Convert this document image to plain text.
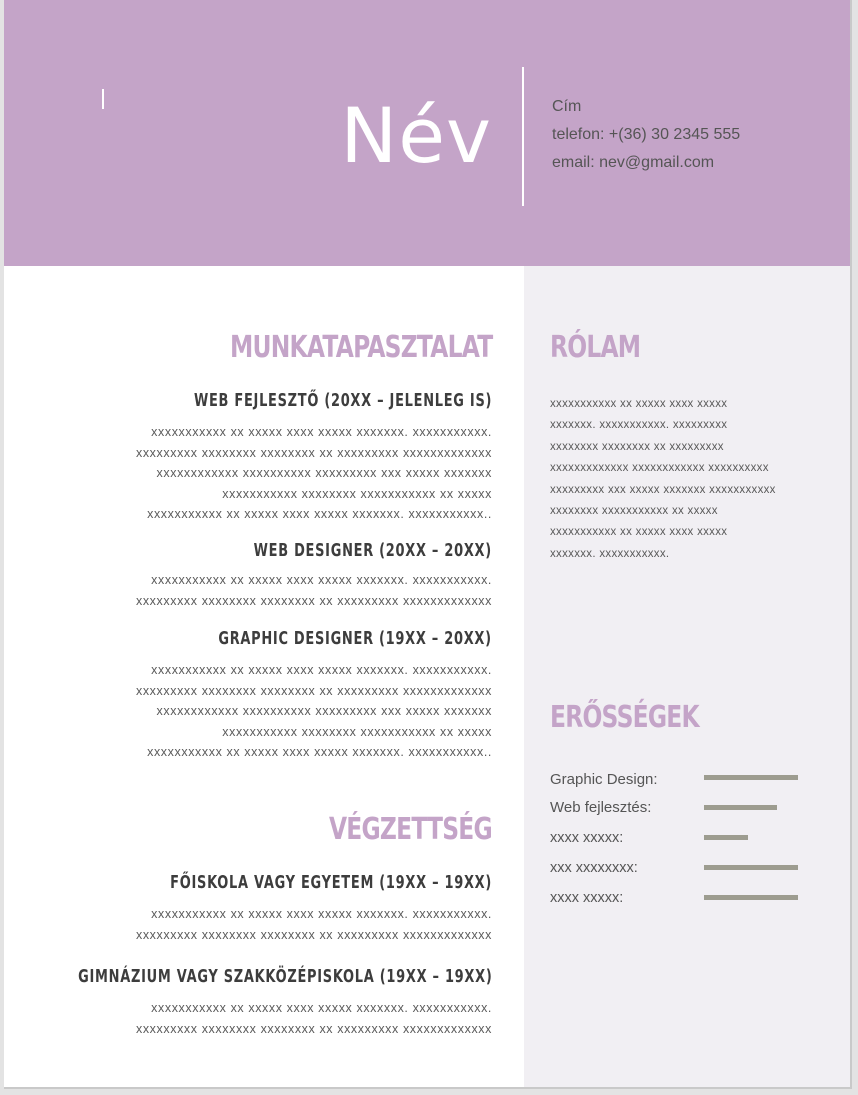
Név	Cím
telefon: +(36) 30 2345 555
email: nev@gmail.com
MUNKATAPASZTALAT
WEB FEJLESZTŐ (20XX – JELENLEG IS)
xxxxxxxxxxx xx xxxxx xxxx xxxxx xxxxxxx. xxxxxxxxxxx.
xxxxxxxxx xxxxxxxx xxxxxxxx xx xxxxxxxxx xxxxxxxxxxxxx
xxxxxxxxxxxx xxxxxxxxxx xxxxxxxxx xxx xxxxx xxxxxxx
xxxxxxxxxxx xxxxxxxx xxxxxxxxxxx xx xxxxx
xxxxxxxxxxx xx xxxxx xxxx xxxxx xxxxxxx. xxxxxxxxxxx..
WEB DESIGNER (20XX – 20XX)
xxxxxxxxxxx xx xxxxx xxxx xxxxx xxxxxxx. xxxxxxxxxxx.
xxxxxxxxx xxxxxxxx xxxxxxxx xx xxxxxxxxx xxxxxxxxxxxxx
GRAPHIC DESIGNER (19XX – 20XX)
xxxxxxxxxxx xx xxxxx xxxx xxxxx xxxxxxx. xxxxxxxxxxx.
xxxxxxxxx xxxxxxxx xxxxxxxx xx xxxxxxxxx xxxxxxxxxxxxx
xxxxxxxxxxxx xxxxxxxxxx xxxxxxxxx xxx xxxxx xxxxxxx
xxxxxxxxxxx xxxxxxxx xxxxxxxxxxx xx xxxxx
xxxxxxxxxxx xx xxxxx xxxx xxxxx xxxxxxx. xxxxxxxxxxx..
VÉGZETTSÉG
FŐISKOLA VAGY EGYETEM (19XX – 19XX)
xxxxxxxxxxx xx xxxxx xxxx xxxxx xxxxxxx. xxxxxxxxxxx.
xxxxxxxxx xxxxxxxx xxxxxxxx xx xxxxxxxxx xxxxxxxxxxxxx
GIMNÁZIUM VAGY SZAKKÖZÉPISKOLA (19XX – 19XX)
xxxxxxxxxxx xx xxxxx xxxx xxxxx xxxxxxx. xxxxxxxxxxx.
xxxxxxxxx xxxxxxxx xxxxxxxx xx xxxxxxxxx xxxxxxxxxxxxx
RÓLAM
xxxxxxxxxxx xx xxxxx xxxx xxxxx
xxxxxxx. xxxxxxxxxxx. xxxxxxxxx
xxxxxxxx xxxxxxxx xx xxxxxxxxx
xxxxxxxxxxxxx xxxxxxxxxxxx xxxxxxxxxx
xxxxxxxxx xxx xxxxx xxxxxxx xxxxxxxxxxx
xxxxxxxx xxxxxxxxxxx xx xxxxx
xxxxxxxxxxx xx xxxxx xxxx xxxxx
xxxxxxx. xxxxxxxxxxx.
ERŐSSÉGEK
Graphic Design:
Web fejlesztés:
xxxx xxxxx:
xxx xxxxxxxx:
xxxx xxxxx:
